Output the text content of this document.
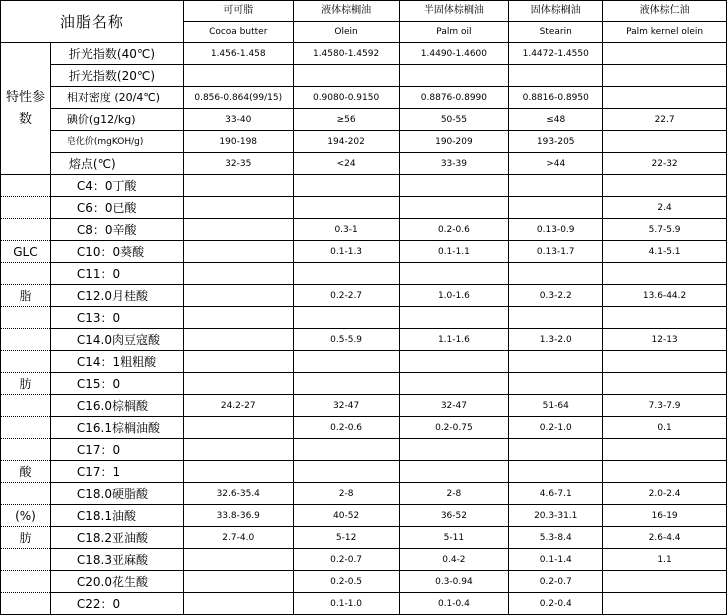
油脂名称		可可脂	液体棕榈油	半固体棕榈油	固体棕榈油	液体棕仁油
		Cocoa butter	Olein	Palm oil	Stearin	Palm kernel olein
特性参数	折光指数(40℃)	1.456-1.458	1.4580-1.4592	1.4490-1.4600	1.4472-1.4550	
	折光指数(20℃)					
	相对密度 (20/4℃)	0.856-0.864(99/15)	0.9080-0.9150	0.8876-0.8990	0.8816-0.8950	
	碘价(g12/kg)	33-40	≥56	50-55	≤48	22.7
	皂化价(mgKOH/g)	190-198	194-202	190-209	193-205	
	熔点(℃)	32-35	<24	33-39	>44	22-32
	C4：0丁酸					
	C6：0已酸					2.4
	C8：0辛酸		0.3-1	0.2-0.6	0.13-0.9	5.7-5.9
GLC	C10：0葵酸		0.1-1.3	0.1-1.1	0.13-1.7	4.1-5.1
	C11：0					
脂	C12.0月桂酸		0.2-2.7	1.0-1.6	0.3-2.2	13.6-44.2
	C13：0					
	C14.0肉豆寇酸		0.5-5.9	1.1-1.6	1.3-2.0	12-13
	C14：1粗粗酸					
肪	C15：0					
	C16.0棕榈酸	24.2-27	32-47	32-47	51-64	7.3-7.9
	C16.1棕榈油酸		0.2-0.6	0.2-0.75	0.2-1.0	0.1
	C17：0					
酸	C17：1					
	C18.0硬脂酸	32.6-35.4	2-8	2-8	4.6-7.1	2.0-2.4
(%)	C18.1油酸	33.8-36.9	40-52	36-52	20.3-31.1	16-19
肪	C18.2亚油酸	2.7-4.0	5-12	5-11	5.3-8.4	2.6-4.4
	C18.3亚麻酸		0.2-0.7	0.4-2	0.1-1.4	1.1
	C20.0花生酸		0.2-0.5	0.3-0.94	0.2-0.7	
	C22：0		0.1-1.0	0.1-0.4	0.2-0.4	
